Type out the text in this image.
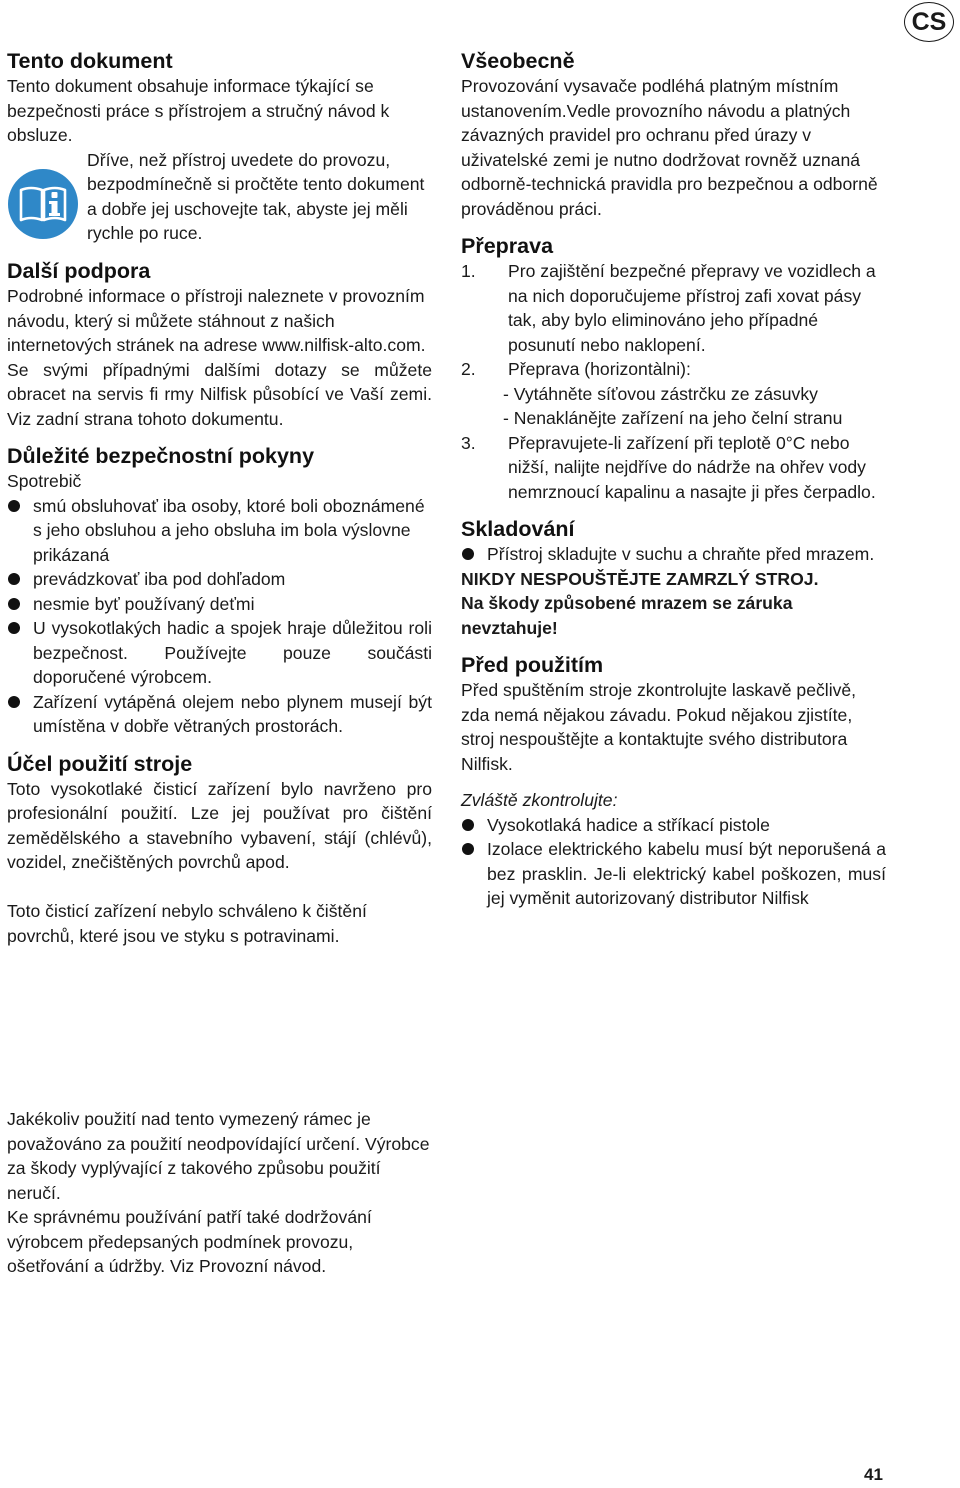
CS
Tento dokument

Tento dokument obsahuje informace týkající se bezpečnosti práce s přístrojem a stručný návod k obsluze.

Dříve, než přístroj uvedete do provozu, bezpodmínečně si pročtěte tento dokument a dobře jej uschovejte tak, abyste jej měli rychle po ruce.

Další podpora

Podrobné informace o přístroji naleznete v provozním návodu, který si můžete stáhnout z našich internetových stránek na adrese www.nilfisk-alto.com.

Se svými případnými dalšími dotazy se můžete obracet na servis fi rmy Nilfisk působící ve Vaší zemi. Viz zadní strana tohoto dokumentu.

Důležité bezpečnostní pokyny

Spotrebič

smú obsluhovať iba osoby, ktoré boli oboznámené s jeho obsluhou a jeho obsluha im bola výslovne prikázaná
prevádzkovať iba pod dohľadom
nesmie byť používaný deťmi
U vysokotlakých hadic a spojek hraje důležitou roli bezpečnost. Používejte pouze součásti doporučené výrobcem.
Zařízení vytápěná olejem nebo plynem musejí být umístěna v dobře větraných prostorách.
Účel použití stroje

Toto vysokotlaké čisticí zařízení bylo navrženo pro profesionální použití. Lze jej používat pro čištění zemědělského a stavebního vybavení, stájí (chlévů), vozidel, znečištěných povrchů apod.

Toto čisticí zařízení nebylo schváleno k čištění povrchů, které jsou ve styku s potravinami.

Jakékoliv použití nad tento vymezený rámec je považováno za použití neodpovídající určení. Výrobce za škody vyplývající z takového způsobu použití neručí.

Ke správnému používání patří také dodržování výrobcem předepsaných podmínek provozu, ošetřování a údržby. Viz Provozní návod.

Všeobecně

Provozování vysavače podléhá platným místním ustanovením.Vedle provozního návodu a platných závazných pravidel pro ochranu před úrazy v uživatelské zemi je nutno dodržovat rovněž uznaná odborně-technická pravidla pro bezpečnou a odborně prováděnou práci.

Přeprava
1.	Pro zajištění bezpečné přepravy ve vozidlech a na nich doporučujeme přístroj zafi xovat pásy tak, aby bylo eliminováno jeho případné posunutí nebo naklopení.
2.	Přeprava (horizontàlni):

- Vytáhněte síťovou zástrčku ze zásuvky

- Nenaklánějte zařízení na jeho čelní stranu

3.	Přepravujete-li zařízení při teplotě 0°C nebo nižší, nalijte nejdříve do nádrže na ohřev vody nemrznoucí kapalinu a nasajte ji přes čerpadlo.
Skladování
Přístroj skladujte v suchu a chraňte před mrazem.

NIKDY NESPOUŠTĚJTE ZAMRZLÝ STROJ.

Na škody způsobené mrazem se záruka nevztahuje!

Před použitím

Před spuštěním stroje zkontrolujte laskavě pečlivě, zda nemá nějakou závadu. Pokud nějakou zjistíte, stroj nespouštějte a kontaktujte svého distributora Nilfisk.

Zvláště zkontrolujte:

Vysokotlaká hadice a stříkací pistole
Izolace elektrického kabelu musí být neporušená a bez prasklin. Je-li elektrický kabel poškozen, musí jej vyměnit autorizovaný distributor Nilfisk
41
